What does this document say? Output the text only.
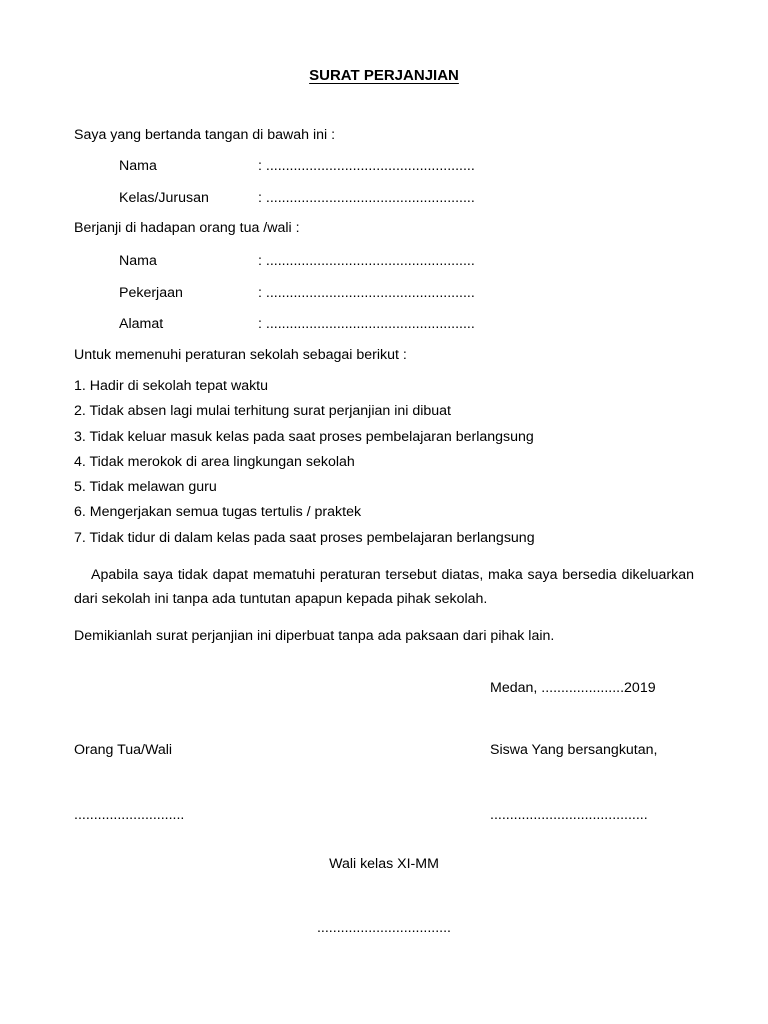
SURAT PERJANJIAN
Saya yang bertanda tangan di bawah ini :
Nama	: .....................................................
Kelas/Jurusan	: .....................................................
Berjanji di hadapan orang tua /wali :
Nama	: .....................................................
Pekerjaan	: .....................................................
Alamat	: .....................................................
Untuk memenuhi peraturan sekolah sebagai berikut :
1. Hadir di sekolah tepat waktu
2. Tidak absen lagi mulai terhitung surat perjanjian ini dibuat
3. Tidak keluar masuk kelas pada saat proses pembelajaran berlangsung
4. Tidak merokok di area lingkungan sekolah
5. Tidak melawan guru
6. Mengerjakan semua tugas tertulis / praktek
7. Tidak tidur di dalam kelas pada saat proses pembelajaran berlangsung
Apabila saya tidak dapat mematuhi peraturan tersebut diatas, maka saya bersedia dikeluarkan dari sekolah ini tanpa ada tuntutan apapun kepada pihak sekolah.
Demikianlah surat perjanjian ini diperbuat tanpa ada paksaan dari pihak lain.
Medan, .....................2019
Orang Tua/Wali	Siswa Yang bersangkutan,
............................	........................................
Wali kelas XI-MM
..................................
